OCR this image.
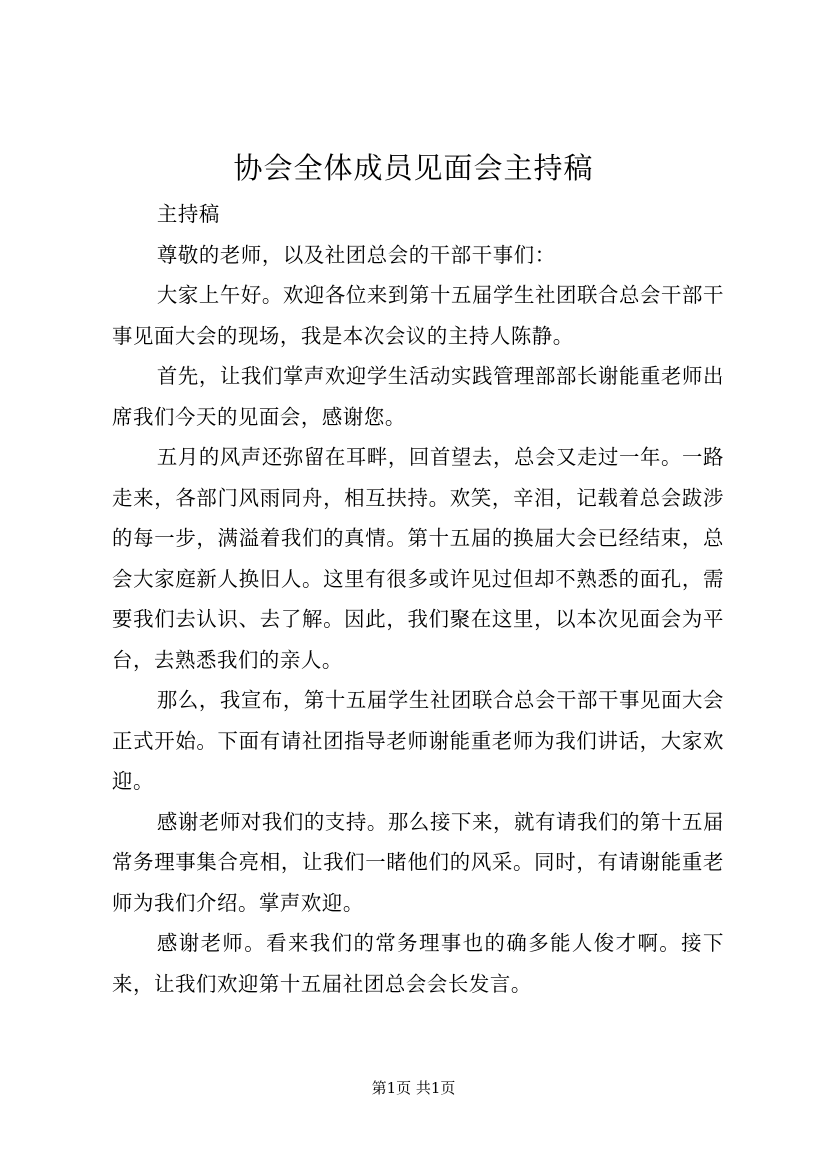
协会全体成员见面会主持稿

主持稿

尊敬的老师，以及社团总会的干部干事们：

大家上午好。欢迎各位来到第十五届学生社团联合总会干部干事见面大会的现场，我是本次会议的主持人陈静。

首先，让我们掌声欢迎学生活动实践管理部部长谢能重老师出席我们今天的见面会，感谢您。

五月的风声还弥留在耳畔，回首望去，总会又走过一年。一路走来，各部门风雨同舟，相互扶持。欢笑，辛泪，记载着总会跋涉的每一步，满溢着我们的真情。第十五届的换届大会已经结束，总会大家庭新人换旧人。这里有很多或许见过但却不熟悉的面孔，需要我们去认识、去了解。因此，我们聚在这里，以本次见面会为平台，去熟悉我们的亲人。

那么，我宣布，第十五届学生社团联合总会干部干事见面大会正式开始。下面有请社团指导老师谢能重老师为我们讲话，大家欢迎。

感谢老师对我们的支持。那么接下来，就有请我们的第十五届常务理事集合亮相，让我们一睹他们的风采。同时，有请谢能重老师为我们介绍。掌声欢迎。

感谢老师。看来我们的常务理事也的确多能人俊才啊。接下来，让我们欢迎第十五届社团总会会长发言。

第1页 共1页
